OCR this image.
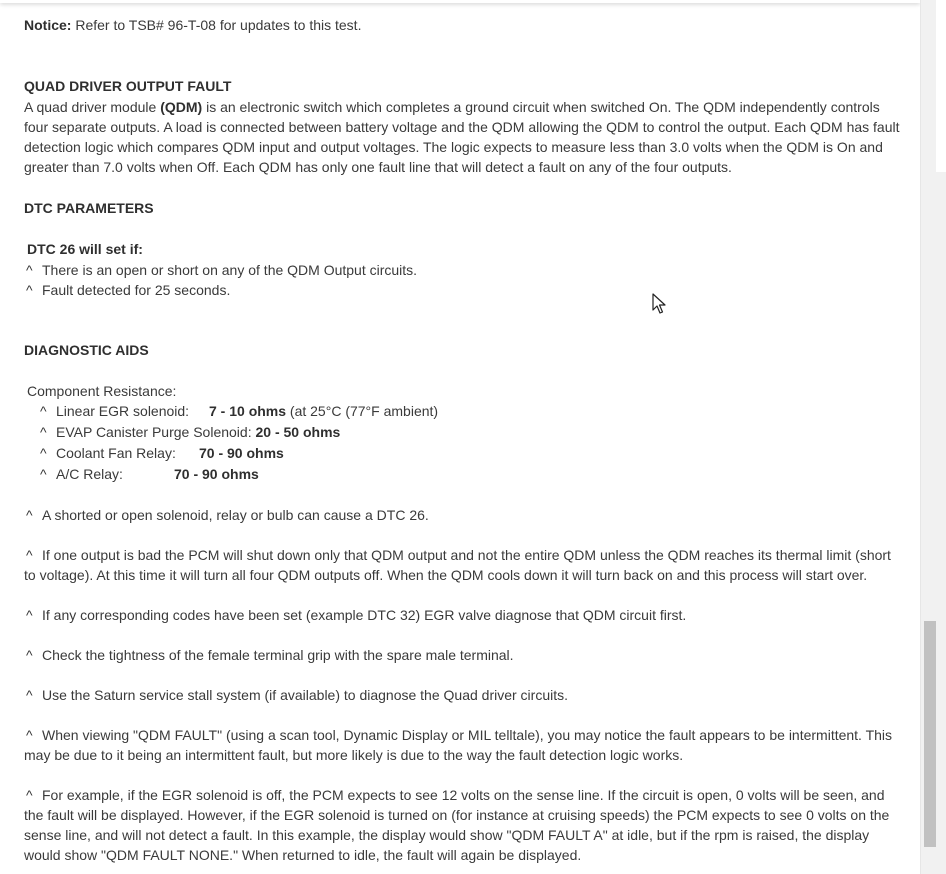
Notice: Refer to TSB# 96-T-08 for updates to this test.

QUAD DRIVER OUTPUT FAULT

A quad driver module (QDM) is an electronic switch which completes a ground circuit when switched On. The QDM independently controls four separate outputs. A load is connected between battery voltage and the QDM allowing the QDM to control the output. Each QDM has fault detection logic which compares QDM input and output voltages. The logic expects to measure less than 3.0 volts when the QDM is On and greater than 7.0 volts when Off. Each QDM has only one fault line that will detect a fault on any of the four outputs.

DTC PARAMETERS

DTC 26 will set if:

^ There is an open or short on any of the QDM Output circuits.

^ Fault detected for 25 seconds.

DIAGNOSTIC AIDS

Component Resistance:

^ Linear EGR solenoid: 7 - 10 ohms (at 25°C (77°F ambient)
^ EVAP Canister Purge Solenoid: 20 - 50 ohms
^ Coolant Fan Relay: 70 - 90 ohms
^ A/C Relay:	70 - 90 ohms

^ A shorted or open solenoid, relay or bulb can cause a DTC 26.

^ If one output is bad the PCM will shut down only that QDM output and not the entire QDM unless the QDM reaches its thermal limit (short to voltage). At this time it will turn all four QDM outputs off. When the QDM cools down it will turn back on and this process will start over.

^ If any corresponding codes have been set (example DTC 32) EGR valve diagnose that QDM circuit first.

^ Check the tightness of the female terminal grip with the spare male terminal.

^ Use the Saturn service stall system (if available) to diagnose the Quad driver circuits.

^ When viewing "QDM FAULT" (using a scan tool, Dynamic Display or MIL telltale), you may notice the fault appears to be intermittent. This may be due to it being an intermittent fault, but more likely is due to the way the fault detection logic works.

^ For example, if the EGR solenoid is off, the PCM expects to see 12 volts on the sense line. If the circuit is open, 0 volts will be seen, and the fault will be displayed. However, if the EGR solenoid is turned on (for instance at cruising speeds) the PCM expects to see 0 volts on the sense line, and will not detect a fault. In this example, the display would show "QDM FAULT A" at idle, but if the rpm is raised, the display would show "QDM FAULT NONE." When returned to idle, the fault will again be displayed.
